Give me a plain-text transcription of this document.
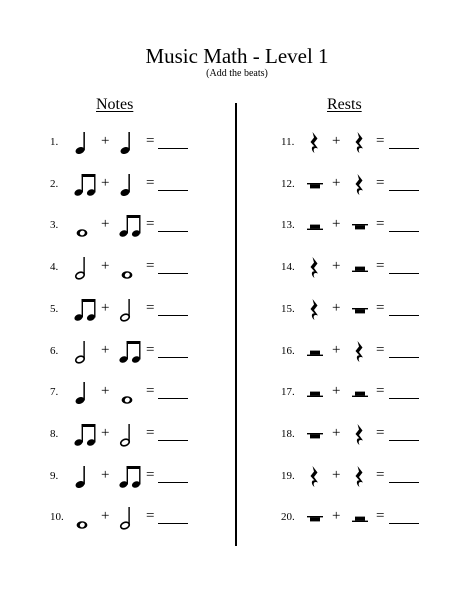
Music Math - Level 1
(Add the beats)
Notes	Rests
1.	+ =
2.	+ =
3.	+ =
4.	+ =
5.	+ =
6.	+ =
7.	+ =
8.	+ =
9.	+ =
10. + =
11.	+ =
12. + =
13. + =
14. + =
15. + =
16. + =
17. + =
18. + =
19. + =
20. + =
